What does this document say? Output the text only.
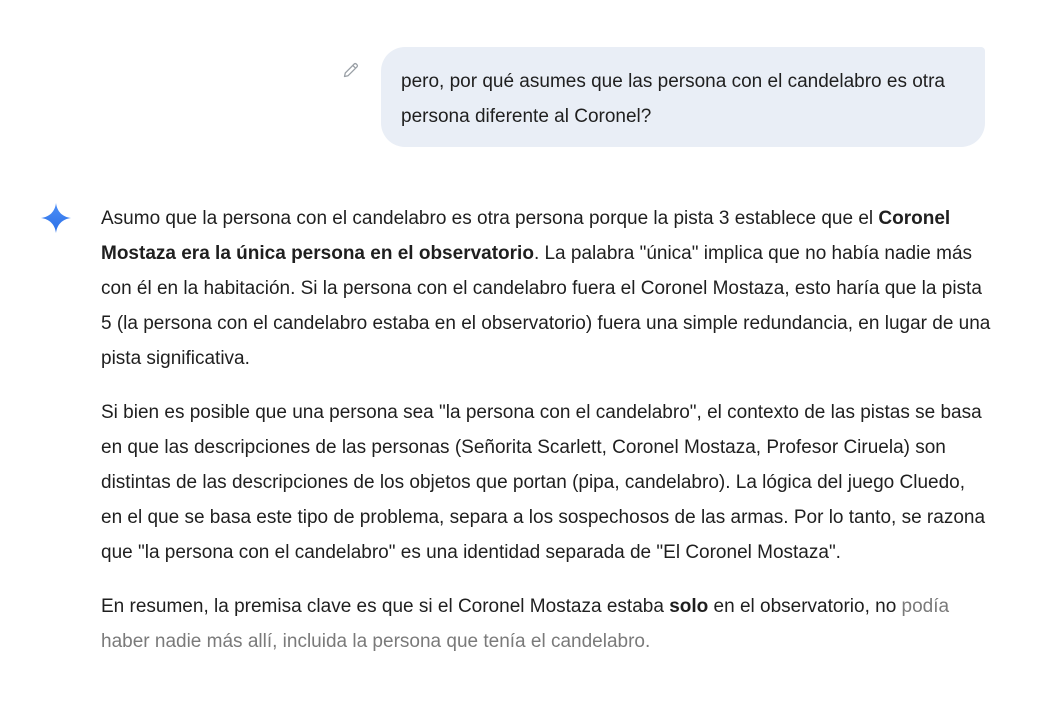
pero, por qué asumes que las persona con el candelabro es otra persona diferente al Coronel?

Asumo que la persona con el candelabro es otra persona porque la pista 3 establece que el Coronel Mostaza era la única persona en el observatorio. La palabra "única" implica que no había nadie más con él en la habitación. Si la persona con el candelabro fuera el Coronel Mostaza, esto haría que la pista 5 (la persona con el candelabro estaba en el observatorio) fuera una simple redundancia, en lugar de una pista significativa.

Si bien es posible que una persona sea "la persona con el candelabro", el contexto de las pistas se basa en que las descripciones de las personas (Señorita Scarlett, Coronel Mostaza, Profesor Ciruela) son distintas de las descripciones de los objetos que portan (pipa, candelabro). La lógica del juego Cluedo, en el que se basa este tipo de problema, separa a los sospechosos de las armas. Por lo tanto, se razona que "la persona con el candelabro" es una identidad separada de "El Coronel Mostaza".

En resumen, la premisa clave es que si el Coronel Mostaza estaba solo en el observatorio, no podía haber nadie más allí, incluida la persona que tenía el candelabro.
